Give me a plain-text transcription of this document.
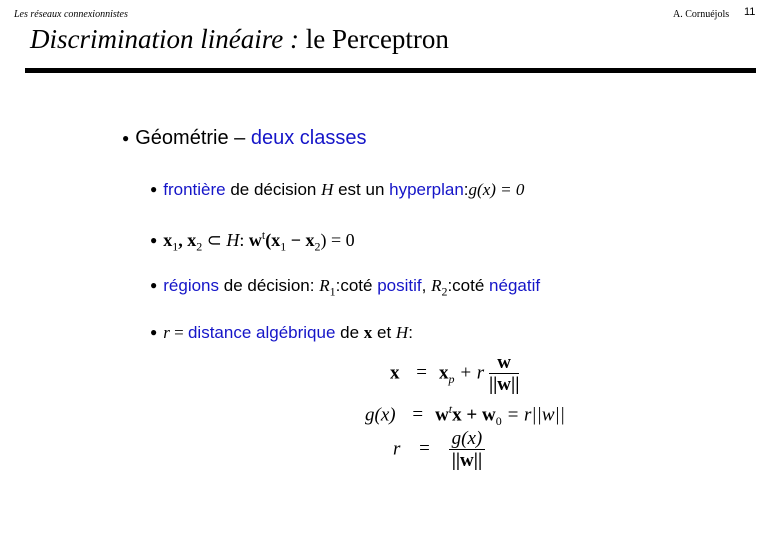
Les réseaux connexionnistes	A. Cornuéjols 11
Discrimination linéaire : le Perceptron
● Géométrie – deux classes
● frontière de décision H est un hyperplan:g(x) = 0
● $x_1$, $x_2$ ⊂ H: $w^t(x_1 - x_2) = 0$
● régions de décision: $R_1:\cot é$ positif, $R_2:\cot é$ négatif
● r = distance algébrique de x et H:
$x = x_p + r \frac{w}{||w||}$
$g(x) = w^tx + w_0 = r||w||$
$r = \frac{g(x)}{||w||}$
